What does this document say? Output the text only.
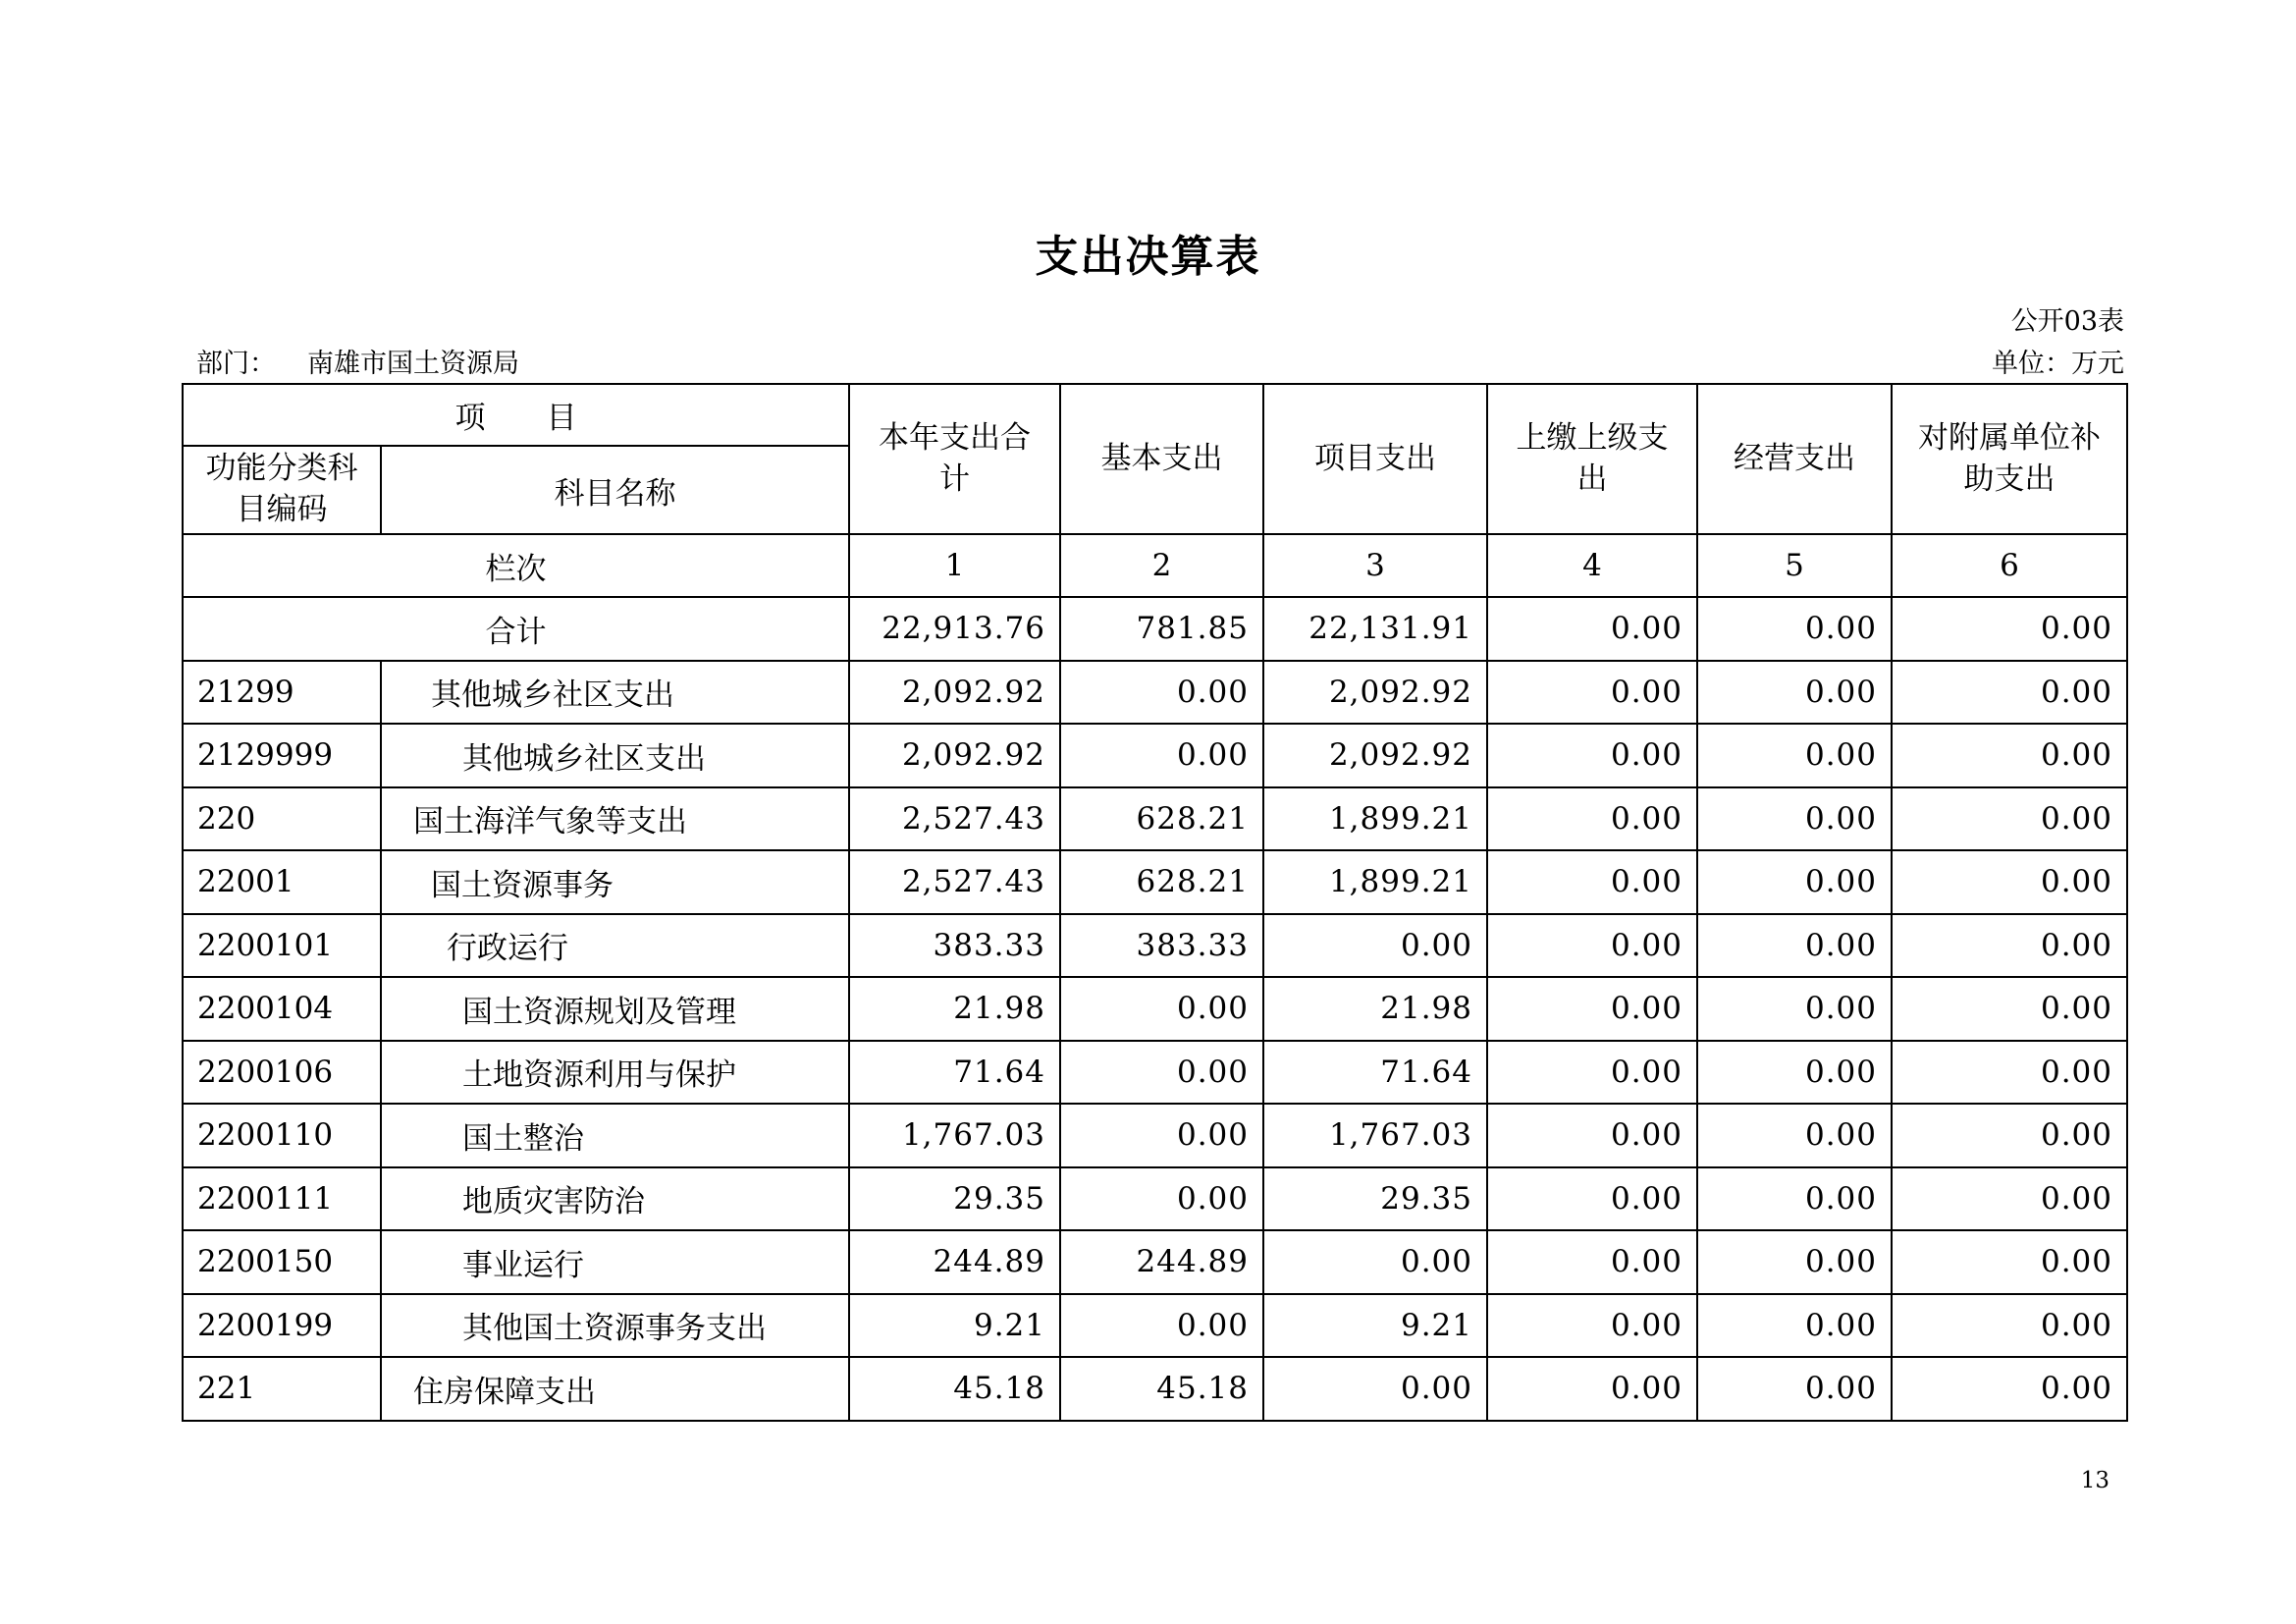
支出决算表
公开03表
部门： 南雄市国土资源局	单位：万元
项　　目		本年支出合计	基本支出	项目支出	上缴上级支出	经营支出	对附属单位补助支出
功能分类科目编码	科目名称						
栏次		1	2	3	4	5	6
合计		22,913.76	781.85	22,131.91	0.00	0.00	0.00
21299	其他城乡社区支出	2,092.92	0.00	2,092.92	0.00	0.00	0.00
2129999	其他城乡社区支出	2,092.92	0.00	2,092.92	0.00	0.00	0.00
220	国土海洋气象等支出	2,527.43	628.21	1,899.21	0.00	0.00	0.00
22001	国土资源事务	2,527.43	628.21	1,899.21	0.00	0.00	0.00
2200101	行政运行	383.33	383.33	0.00	0.00	0.00	0.00
2200104	国土资源规划及管理	21.98	0.00	21.98	0.00	0.00	0.00
2200106	土地资源利用与保护	71.64	0.00	71.64	0.00	0.00	0.00
2200110	国土整治	1,767.03	0.00	1,767.03	0.00	0.00	0.00
2200111	地质灾害防治	29.35	0.00	29.35	0.00	0.00	0.00
2200150	事业运行	244.89	244.89	0.00	0.00	0.00	0.00
2200199	其他国土资源事务支出	9.21	0.00	9.21	0.00	0.00	0.00
221	住房保障支出	45.18	45.18	0.00	0.00	0.00	0.00
13
